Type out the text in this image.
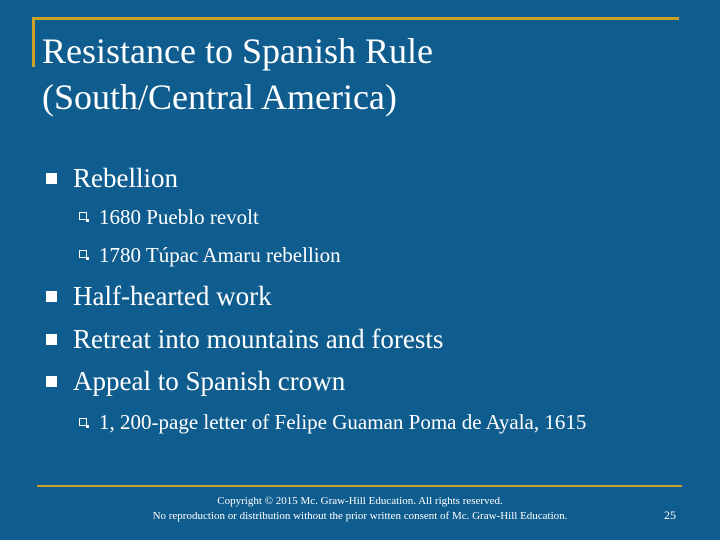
Resistance to Spanish Rule
(South/Central America)
Rebellion
1680 Pueblo revolt
1780 Túpac Amaru rebellion
Half-hearted work
Retreat into mountains and forests
Appeal to Spanish crown
1, 200-page letter of Felipe Guaman Poma de Ayala, 1615
Copyright © 2015 Mc. Graw-Hill Education. All rights reserved.
No reproduction or distribution without the prior written consent of Mc. Graw-Hill Education.	25
